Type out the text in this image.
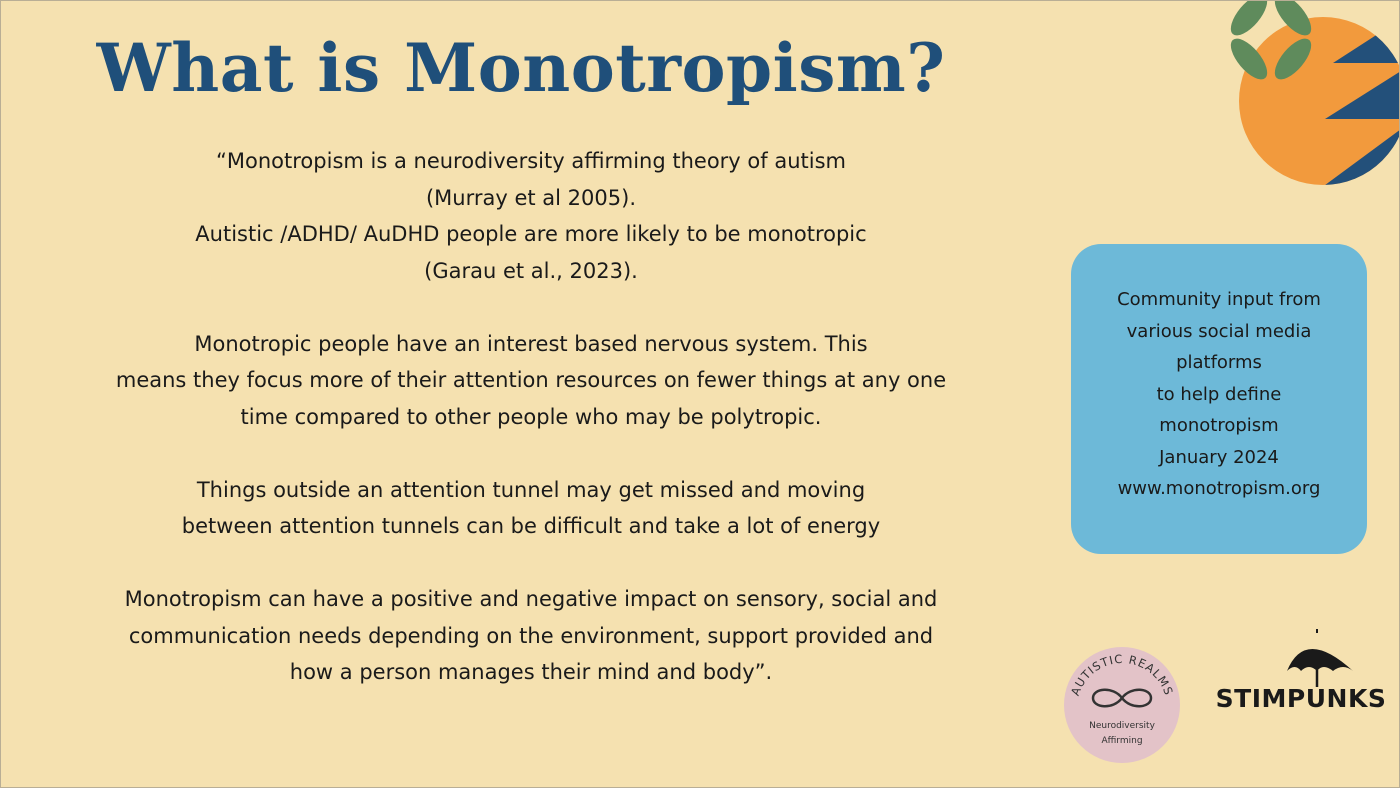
What is Monotropism?
“Monotropism is a neurodiversity affirming theory of autism
(Murray et al 2005).
Autistic /ADHD/ AuDHD people are more likely to be monotropic
(Garau et al., 2023).
Monotropic people have an interest based nervous system. This
means they focus more of their attention resources on fewer things at any one
time compared to other people who may be polytropic.
Things outside an attention tunnel may get missed and moving
between attention tunnels can be difficult and take a lot of energy
Monotropism can have a positive and negative impact on sensory, social and
communication needs depending on the environment, support provided and
how a person manages their mind and body”.
Community input from
various social media
platforms
to help define
monotropism
January 2024
www.monotropism.org
AUTISTIC REALMS
Neurodiversity
Affirming
STIMPUNKS
